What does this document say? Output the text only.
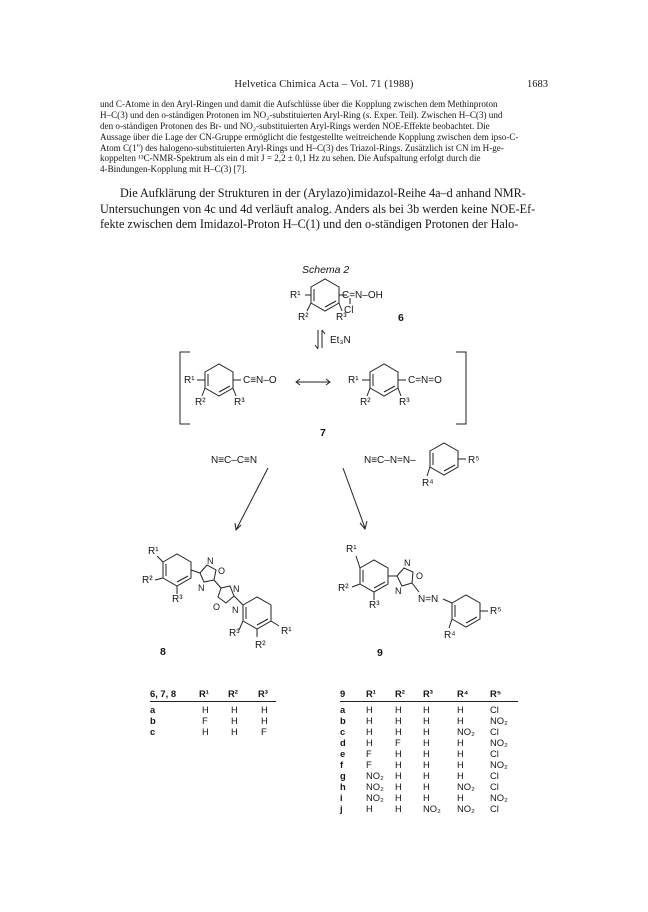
Helvetica Chimica Acta – Vol. 71 (1988)	1683
und C-Atome in den Aryl-Ringen und damit die Aufschlüsse über die Kopplung zwischen dem Methinproton
H–C(3) und den o-ständigen Protonen im NO₂-substituierten Aryl-Ring (s. Exper. Teil). Zwischen H–C(3) und
den o-ständigen Protonen des Br- und NO₂-substituierten Aryl-Rings werden NOE-Effekte beobachtet. Die
Aussage über die Lage der CN-Gruppe ermöglicht die festgestellte weitreichende Kopplung zwischen dem ipso-C-
Atom C(1'') des halogeno-substituierten Aryl-Rings und H–C(3) des Triazol-Rings. Zusätzlich ist CN im H-ge-
koppelten ¹³C-NMR-Spektrum als ein d mit J = 2,2 ± 0,1 Hz zu sehen. Die Aufspaltung erfolgt durch die
4-Bindungen-Kopplung mit H–C(3) [7].
Die Aufklärung der Strukturen in der (Arylazo)imidazol-Reihe 4a–d anhand NMR-
Untersuchungen von 4c und 4d verläuft analog. Anders als bei 3b werden keine NOE-Ef-
fekte zwischen dem Imidazol-Proton H–C(1) und den o-ständigen Protonen der Halo-
Schema 2
R¹	C=N–OH
Cl
R²	R³	6
Et₃N
R¹	C≡N–O
R²	R³
R¹	C=N=O
R²	R³
7
N≡C–C≡N	N≡C–N=N–	R⁵
R⁴
R¹
R²
R³
N
O
N	N
O N
R³	R¹
R²
8
R¹
R²
R³
N
O
N
N=N
R⁵
R⁴
9
6, 7, 8 R¹ R² R³
a	H H H
b	F H H
c	H H F
9 R¹ R² R³	R⁴ R⁵
a H H H	H	Cl
b H H H	H	NO₂
c H H H	NO₂ Cl
d H F H	H	NO₂
e F H H	H	Cl
f F H H	H	NO₂
g NO₂ H H	H	Cl
h NO₂ H H	NO₂ Cl
i NO₂ H H	H	NO₂
j H H NO₂ NO₂ Cl
